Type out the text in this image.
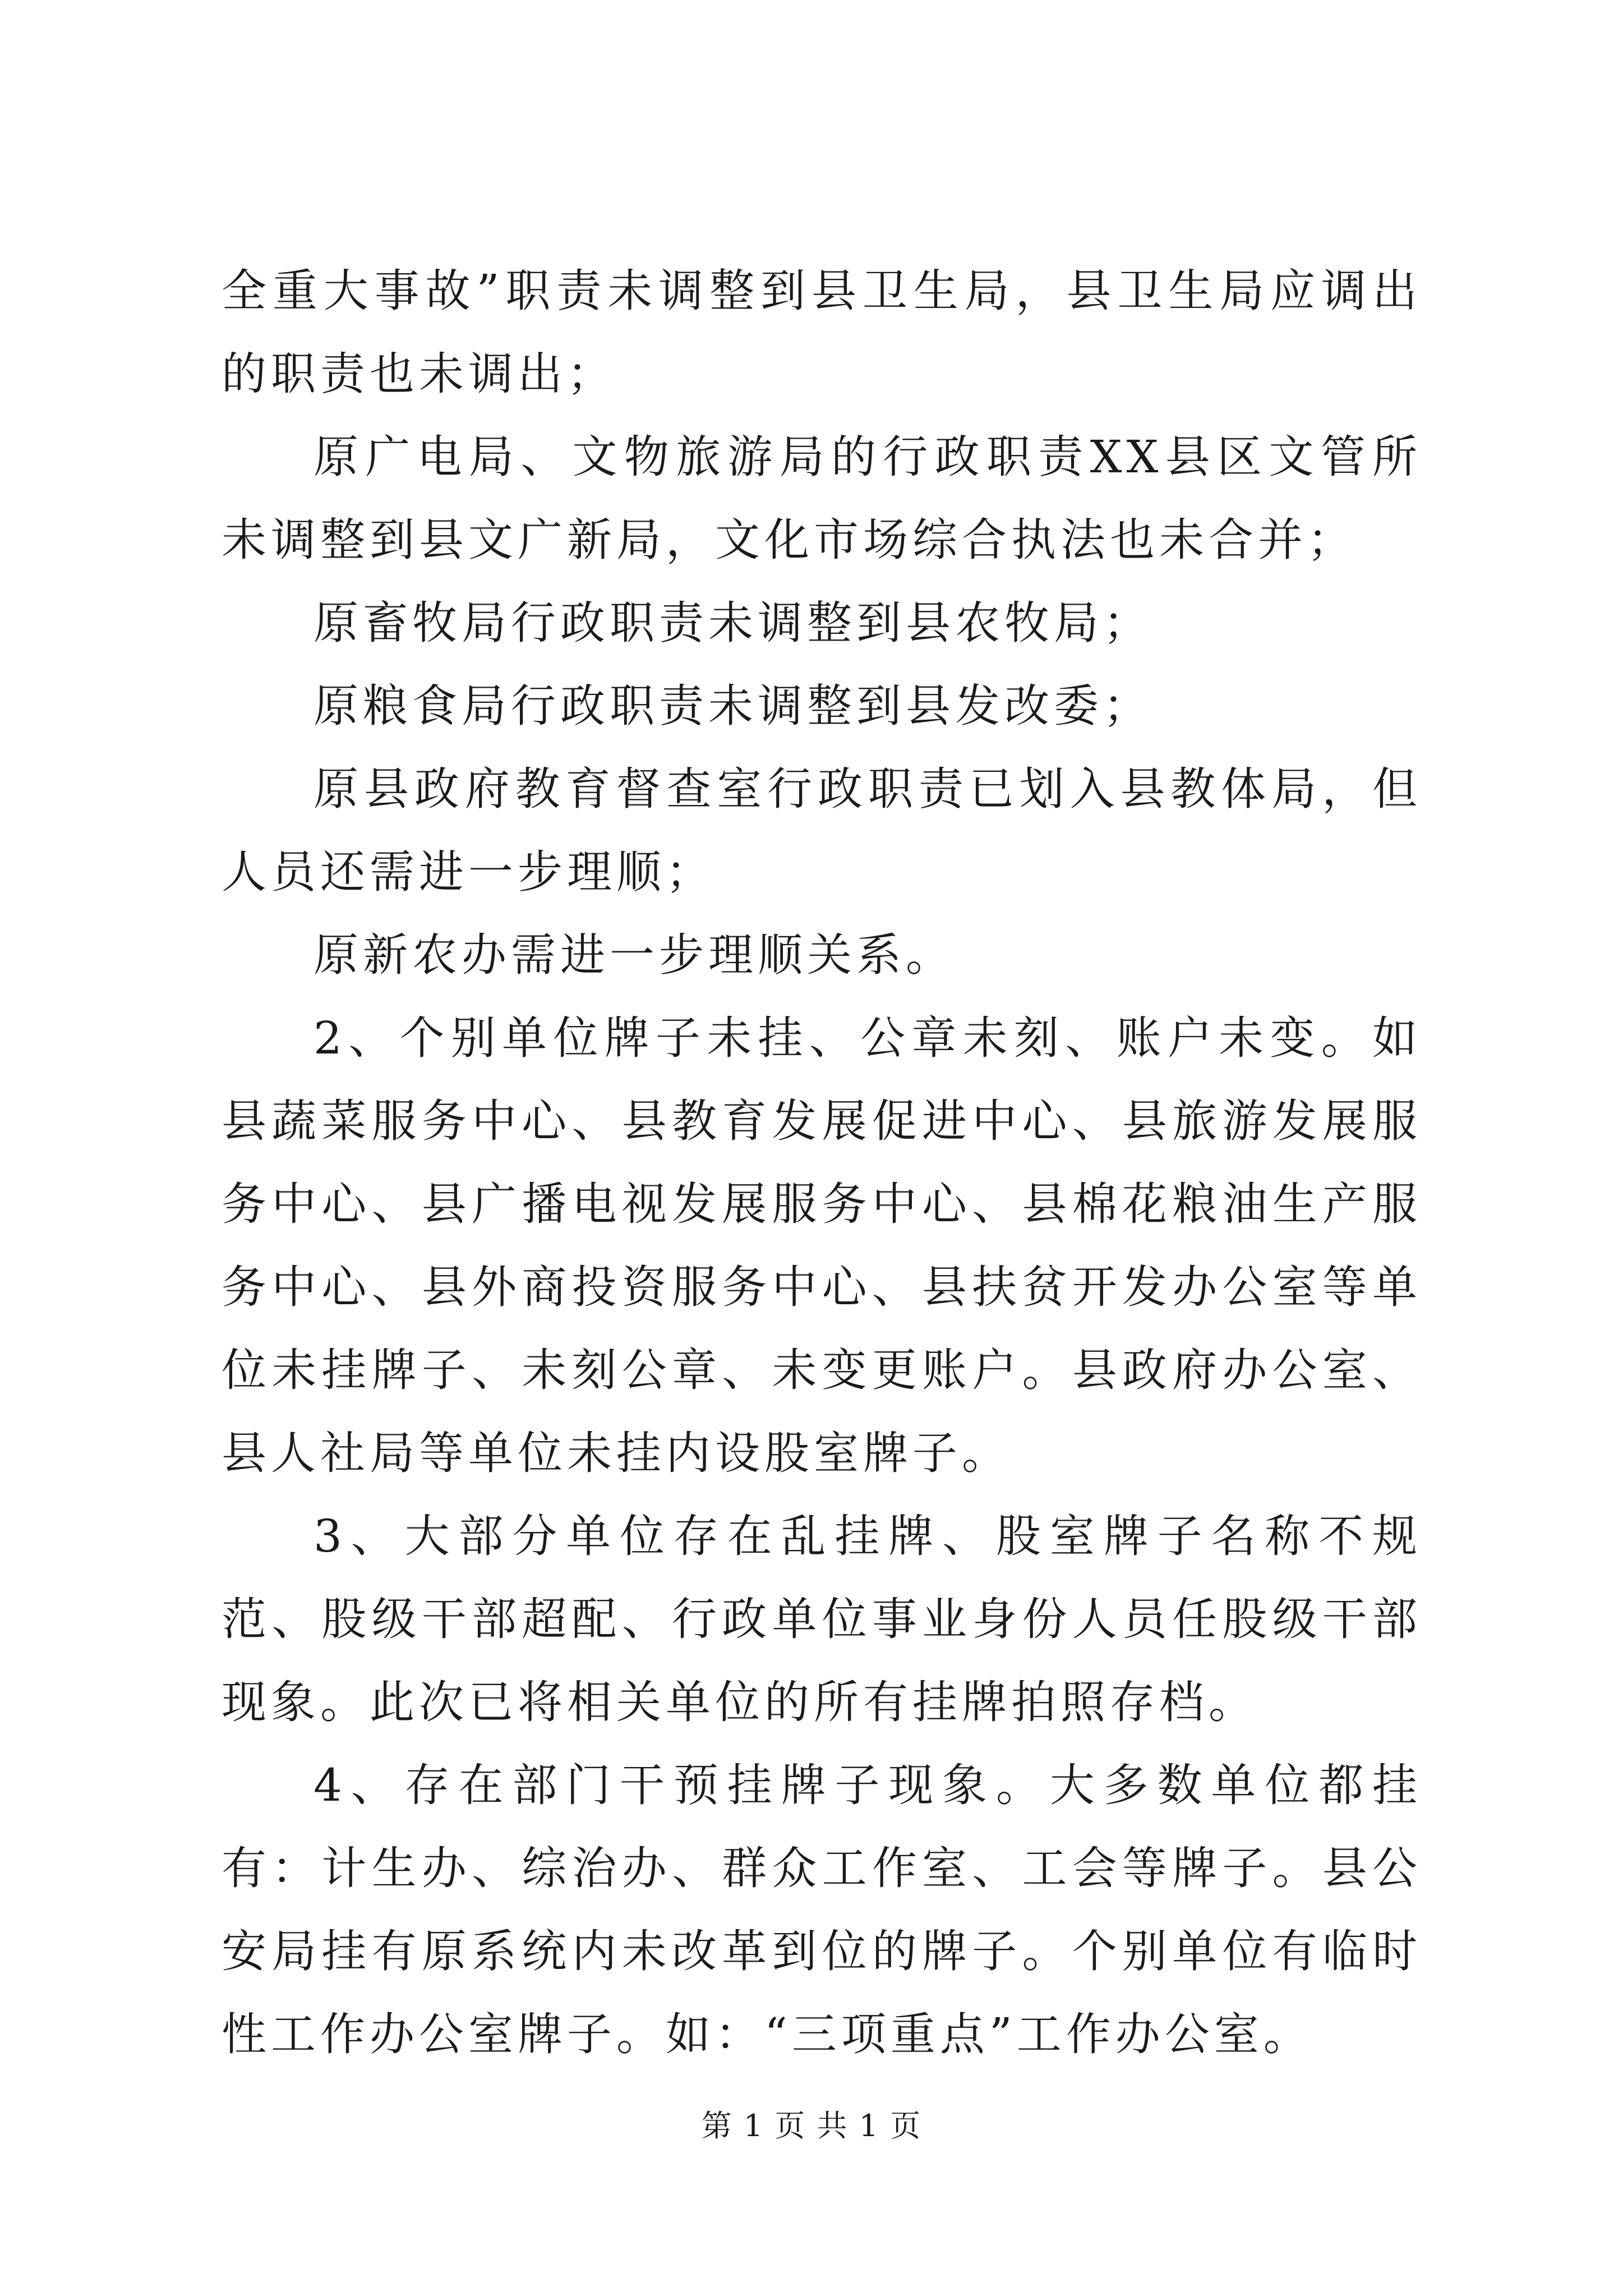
全重大事故”职责未调整到县卫生局，县卫生局应调出的职责也未调出；

原广电局、文物旅游局的行政职责XX县区文管所未调整到县文广新局，文化市场综合执法也未合并；

原畜牧局行政职责未调整到县农牧局；

原粮食局行政职责未调整到县发改委；

原县政府教育督查室行政职责已划入县教体局，但人员还需进一步理顺；

原新农办需进一步理顺关系。

2、个别单位牌子未挂、公章未刻、账户未变。如县蔬菜服务中心、县教育发展促进中心、县旅游发展服务中心、县广播电视发展服务中心、县棉花粮油生产服务中心、县外商投资服务中心、县扶贫开发办公室等单位未挂牌子、未刻公章、未变更账户。县政府办公室、县人社局等单位未挂内设股室牌子。

3、大部分单位存在乱挂牌、股室牌子名称不规范、股级干部超配、行政单位事业身份人员任股级干部现象。此次已将相关单位的所有挂牌拍照存档。

4、存在部门干预挂牌子现象。大多数单位都挂有：计生办、综治办、群众工作室、工会等牌子。县公安局挂有原系统内未改革到位的牌子。个别单位有临时性工作办公室牌子。如：“三项重点”工作办公室。

第 1 页 共 1 页
